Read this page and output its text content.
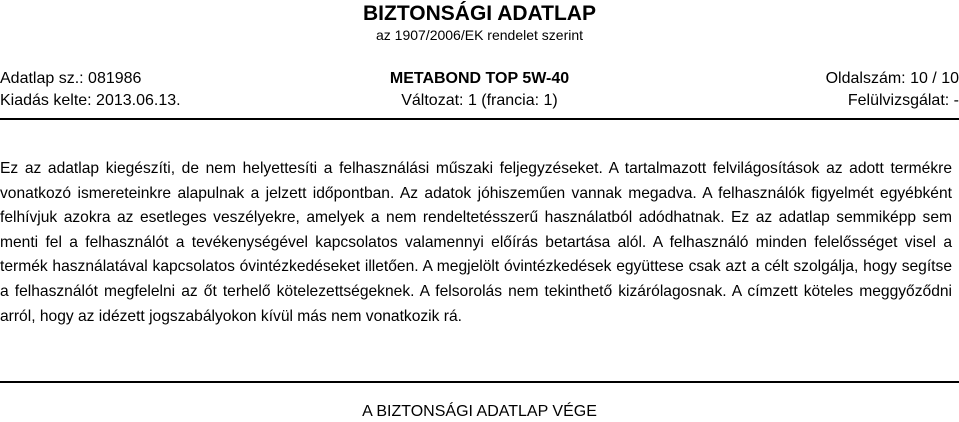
BIZTONSÁGI ADATLAP
az 1907/2006/EK rendelet szerint
Adatlap sz.: 081986	METABOND TOP 5W-40	Oldalszám: 10 / 10
Kiadás kelte: 2013.06.13.	Változat: 1 (francia: 1)	Felülvizsgálat: -
Ez az adatlap kiegészíti, de nem helyettesíti a felhasználási műszaki feljegyzéseket. A tartalmazott felvilágosítások az adott termékre vonatkozó ismereteinkre alapulnak a jelzett időpontban. Az adatok jóhiszeműen vannak megadva. A felhasználók figyelmét egyébként felhívjuk azokra az esetleges veszélyekre, amelyek a nem rendeltetésszerű használatból adódhatnak. Ez az adatlap semmiképp sem menti fel a felhasználót a tevékenységével kapcsolatos valamennyi előírás betartása alól. A felhasználó minden felelősséget visel a termék használatával kapcsolatos óvintézkedéseket illetően. A megjelölt óvintézkedések együttese csak azt a célt szolgálja, hogy segítse a felhasználót megfelelni az őt terhelő kötelezettségeknek. A felsorolás nem tekinthető kizárólagosnak. A címzett köteles meggyőződni arról, hogy az idézett jogszabályokon kívül más nem vonatkozik rá.
A BIZTONSÁGI ADATLAP VÉGE
